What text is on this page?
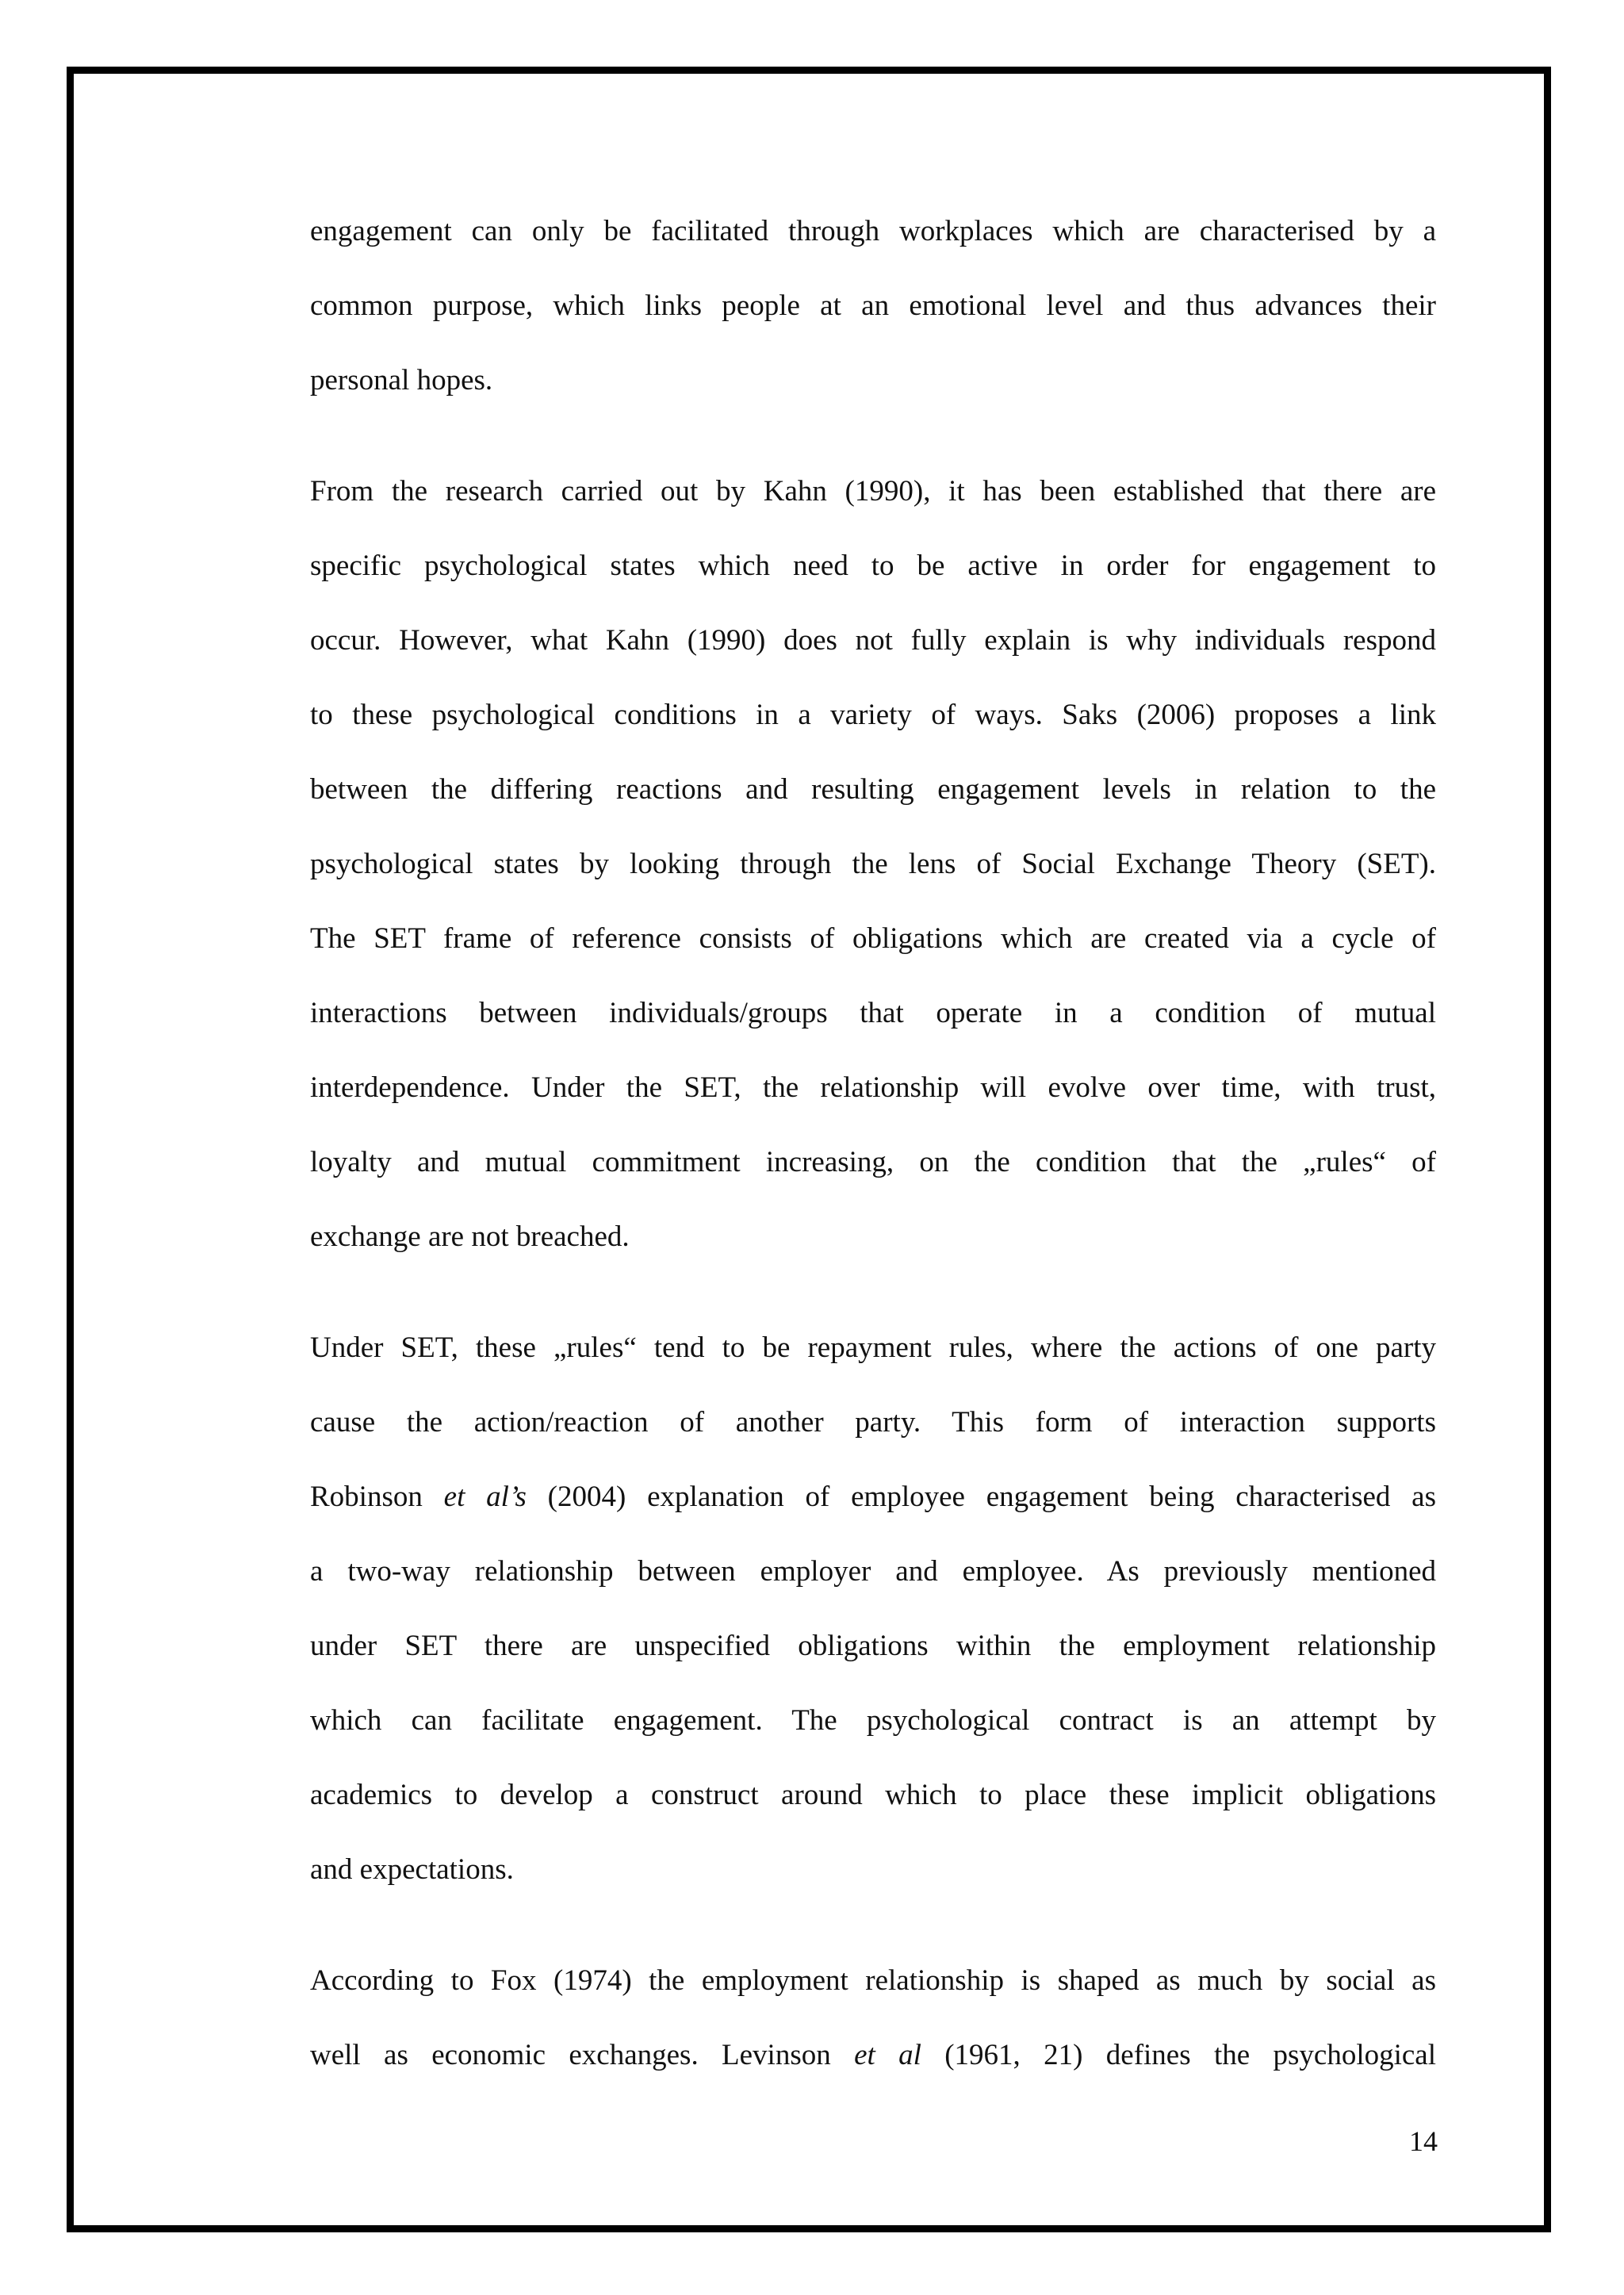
engagement can only be facilitated through workplaces which are characterised by a
common purpose, which links people at an emotional level and thus advances their
personal hopes.
From the research carried out by Kahn (1990), it has been established that there are
specific psychological states which need to be active in order for engagement to
occur. However, what Kahn (1990) does not fully explain is why individuals respond
to these psychological conditions in a variety of ways. Saks (2006) proposes a link
between the differing reactions and resulting engagement levels in relation to the
psychological states by looking through the lens of Social Exchange Theory (SET).
The SET frame of reference consists of obligations which are created via a cycle of
interactions between individuals/groups that operate in a condition of mutual
interdependence. Under the SET, the relationship will evolve over time, with trust,
loyalty and mutual commitment increasing, on the condition that the „rules“ of
exchange are not breached.
Under SET, these „rules“ tend to be repayment rules, where the actions of one party
cause the action/reaction of another party. This form of interaction supports
Robinson et al’s (2004) explanation of employee engagement being characterised as
a two-way relationship between employer and employee. As previously mentioned
under SET there are unspecified obligations within the employment relationship
which can facilitate engagement. The psychological contract is an attempt by
academics to develop a construct around which to place these implicit obligations
and expectations.
According to Fox (1974) the employment relationship is shaped as much by social as
well as economic exchanges. Levinson et al (1961, 21) defines the psychological
14
